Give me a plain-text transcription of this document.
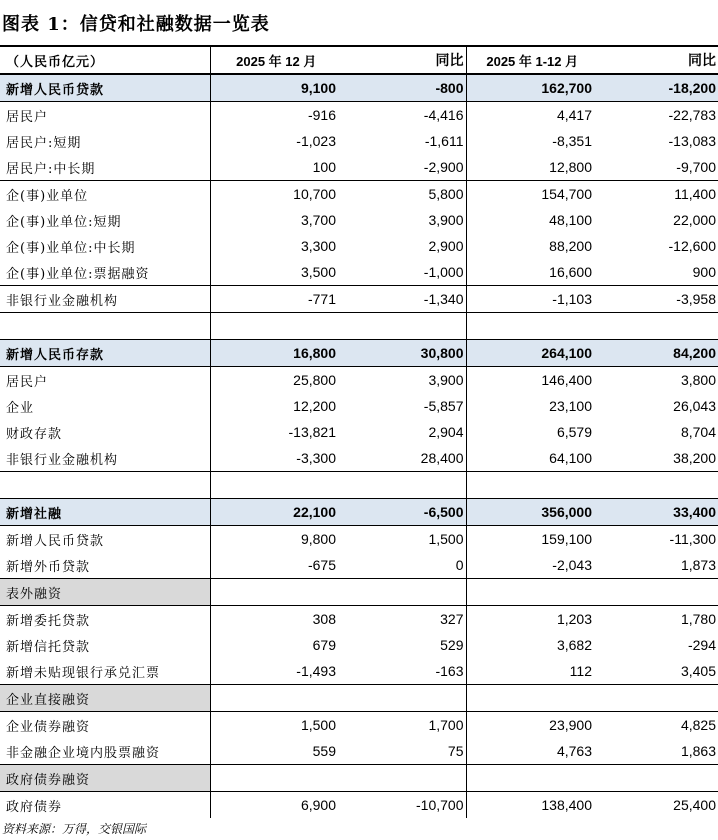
图表 1：信贷和社融数据一览表
（人民币亿元）	2025 年 12 月	同比	2025 年 1-12 月	同比
新增人民币贷款	9,100	-800	162,700	-18,200
居民户	-916	-4,416	4,417	-22,783
居民户:短期	-1,023	-1,611	-8,351	-13,083
居民户:中长期	100	-2,900	12,800	-9,700
企(事)业单位	10,700	5,800	154,700	11,400
企(事)业单位:短期	3,700	3,900	48,100	22,000
企(事)业单位:中长期	3,300	2,900	88,200	-12,600
企(事)业单位:票据融资	3,500	-1,000	16,600	900
非银行业金融机构	-771	-1,340	-1,103	-3,958

新增人民币存款	16,800	30,800	264,100	84,200
居民户	25,800	3,900	146,400	3,800
企业	12,200	-5,857	23,100	26,043
财政存款	-13,821	2,904	6,579	8,704
非银行业金融机构	-3,300	28,400	64,100	38,200

新增社融	22,100	-6,500	356,000	33,400
新增人民币贷款	9,800	1,500	159,100	-11,300
新增外币贷款	-675	0	-2,043	1,873
表外融资				
新增委托贷款	308	327	1,203	1,780
新增信托贷款	679	529	3,682	-294
新增未贴现银行承兑汇票	-1,493	-163	112	3,405
企业直接融资				
企业债券融资	1,500	1,700	23,900	4,825
非金融企业境内股票融资	559	75	4,763	1,863
政府债券融资				
政府债券	6,900	-10,700	138,400	25,400
资料来源：万得，交银国际
